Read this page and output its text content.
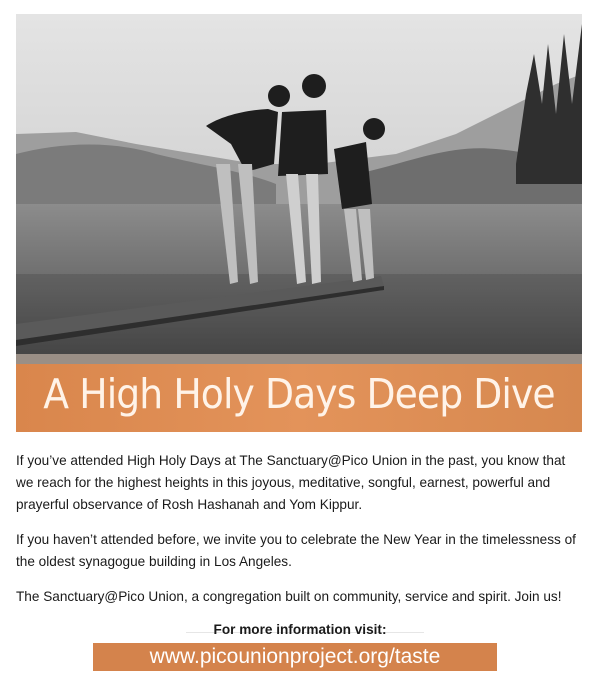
A High Holy Days Deep Dive

If you’ve attended High Holy Days at The Sanctuary@Pico Union in the past, you know that we reach for the highest heights in this joyous, meditative, songful, earnest, powerful and prayerful observance of Rosh Hashanah and Yom Kippur.

If you haven’t attended before, we invite you to celebrate the New Year in the timelessness of the oldest synagogue building in Los Angeles.

The Sanctuary@Pico Union, a congregation built on community, service and spirit. Join us!

For more information visit:
www.picounionproject.org/taste
